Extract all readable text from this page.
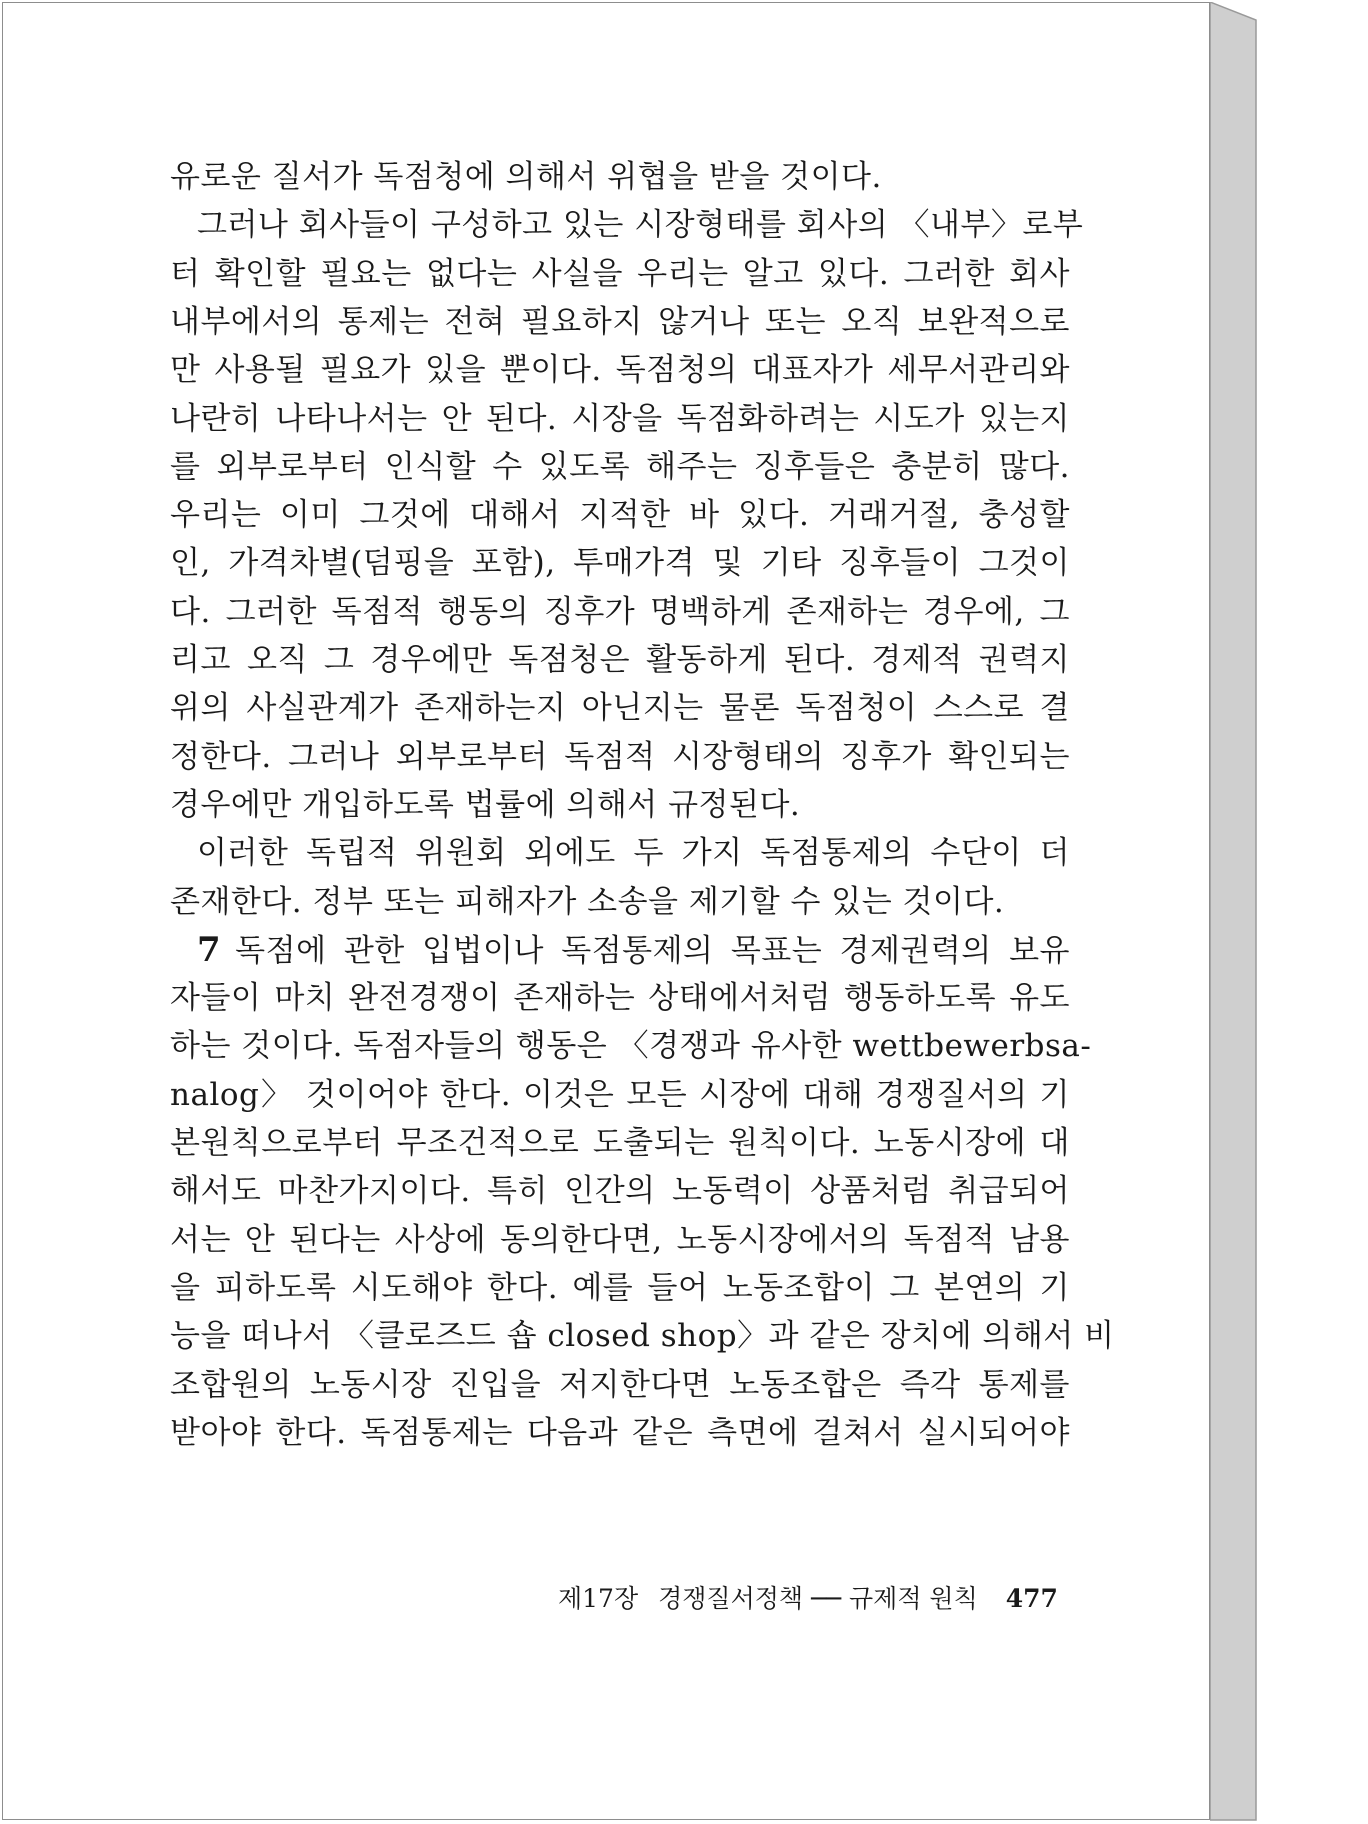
유로운 질서가 독점청에 의해서 위협을 받을 것이다.
그러나 회사들이 구성하고 있는 시장형태를 회사의 〈내부〉로부
터 확인할 필요는 없다는 사실을 우리는 알고 있다. 그러한 회사
내부에서의 통제는 전혀 필요하지 않거나 또는 오직 보완적으로
만 사용될 필요가 있을 뿐이다. 독점청의 대표자가 세무서관리와
나란히 나타나서는 안 된다. 시장을 독점화하려는 시도가 있는지
를 외부로부터 인식할 수 있도록 해주는 징후들은 충분히 많다.
우리는 이미 그것에 대해서 지적한 바 있다. 거래거절, 충성할
인, 가격차별(덤핑을 포함), 투매가격 및 기타 징후들이 그것이
다. 그러한 독점적 행동의 징후가 명백하게 존재하는 경우에, 그
리고 오직 그 경우에만 독점청은 활동하게 된다. 경제적 권력지
위의 사실관계가 존재하는지 아닌지는 물론 독점청이 스스로 결
정한다. 그러나 외부로부터 독점적 시장형태의 징후가 확인되는
경우에만 개입하도록 법률에 의해서 규정된다.
이러한 독립적 위원회 외에도 두 가지 독점통제의 수단이 더
존재한다. 정부 또는 피해자가 소송을 제기할 수 있는 것이다.
7 독점에 관한 입법이나 독점통제의 목표는 경제권력의 보유
자들이 마치 완전경쟁이 존재하는 상태에서처럼 행동하도록 유도
하는 것이다. 독점자들의 행동은 〈경쟁과 유사한 wettbewerbsa-
nalog〉 것이어야 한다. 이것은 모든 시장에 대해 경쟁질서의 기
본원칙으로부터 무조건적으로 도출되는 원칙이다. 노동시장에 대
해서도 마찬가지이다. 특히 인간의 노동력이 상품처럼 취급되어
서는 안 된다는 사상에 동의한다면, 노동시장에서의 독점적 남용
을 피하도록 시도해야 한다. 예를 들어 노동조합이 그 본연의 기
능을 떠나서 〈클로즈드 숍 closed shop〉과 같은 장치에 의해서 비
조합원의 노동시장 진입을 저지한다면 노동조합은 즉각 통제를
받아야 한다. 독점통제는 다음과 같은 측면에 걸쳐서 실시되어야
제17장 경쟁질서정책 ── 규제적 원칙 477
